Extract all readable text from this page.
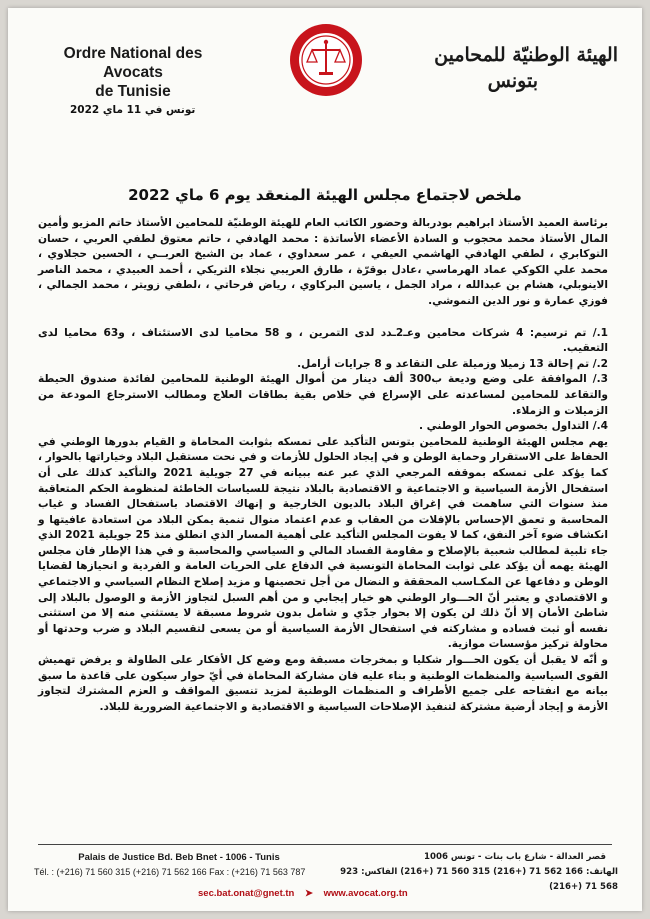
Ordre National des Avocats
de Tunisie
الهيئة الوطنيّة للمحامين
بتونس
تونس في 11 ماي 2022
ملخص لاجتماع مجلس الهيئة المنعقد يوم 6 ماي 2022

برئاسة العميد الأستاذ ابراهيم بودربالة وحضور الكاتب العام للهيئة الوطنيّة للمحامين الأستاذ حاتم المزيو وأمين المال الأستاذ محمد محجوب و السادة الأعضاء الأساتذة : محمد الهادفي ، حاتم معتوق لطفي العربي ، حسان التوكابري ، لطفي الهادفي الهاشمي العيفي ، عمر سعداوي ، عماد بن الشيخ العربــي ، الحسين حجلاوي ، محمد علي الكوكي عماد الهرماسي ،عادل بوقرّة ، طارق العريبي نجلاء التريكي ، أحمد العبيدي ، محمد الناصر الاينوبلي، هشام بن عبدالله ، مراد الجمل ، ياسين البركاوي ، رياض فرحاتي ، ،لطفي زويتر ، محمد الجمالي ، فوزي عمارة و نور الدين النموشي.

1./ تم ترسيم: 4 شركات محامين وعـ2ـدد لدى التمرين ، و 58 محاميا لدى الاستئناف ، و63 محاميا لدى التعقيب.

2./ تم إحالة 13 زميلا وزميلة على التقاعد و 8 جرايات أرامل.

3./ الموافقة على وضع وديعة ب300 ألف دينار من أموال الهيئة الوطنية للمحامين لفائدة صندوق الحيطة والتقاعد للمحامين لمساعدته على الإسراع في خلاص بقية بطاقات العلاج ومطالب الاسترجاع المودعة من الزميلات و الزملاء.

4./ التداول بخصوص الحوار الوطني .

يهم مجلس الهيئة الوطنية للمحامين بتونس التأكيد على تمسكه بثوابت المحاماة و القيام بدورها الوطني في الحفاظ على الاستقرار وحماية الوطن و في إيجاد الحلول للأزمات و في نحت مستقبل البلاد وخياراتها بالحوار ، كما يؤكد على تمسكه بموقفه المرجعي الذي عبر عنه ببيانه في 27 جويلية 2021 والتأكيد كذلك على أن استفحال الأزمة السياسية و الاجتماعية و الاقتصادية بالبلاد نتيجة للسياسات الخاطئة لمنظومة الحكم المتعاقبة منذ سنوات التي ساهمت في إغراق البلاد بالديون الخارجية و إنهاك الاقتصاد باستفحال الفساد و غياب المحاسبة و تعمق الإحساس بالإفلات من العقاب و عدم اعتماد منوال تنمية يمكن البلاد من استعادة عافيتها و انكشاف ضوء آخر النفق، كما لا يفوت المجلس التأكيد على أهمية المسار الذي انطلق منذ 25 جويلية 2021 الذي جاء تلبية لمطالب شعبية بالإصلاح و مقاومة الفساد المالي و السياسي والمحاسبة و في هذا الإطار فان مجلس الهيئة يهمه أن يؤكد على ثوابت المحاماة التونسية في الدفاع على الحريات العامة و الفردية و انحيازها لقضايا الوطن و دفاعها عن المكـاسب المحققة و النضال من أجل تحصينها و مزيد إصلاح النظام السياسي و الاجتماعي و الاقتصادي و يعتبر أنّ الحـــوار الوطني هو خيار إيجابي و من أهم السبل لتجاوز الأزمة و الوصول بالبلاد إلى شاطئ الأمان إلا أنّ ذلك لن يكون إلا بحوار جدّي و شامل بدون شروط مسبقة لا يستثني منه إلا من استثنى نفسه أو ثبت فساده و مشاركته في استفحال الأزمة السياسية أو من يسعى لتقسيم البلاد و ضرب وحدتها أو محاولة تركيز مؤسسات موازية.

و أنّه لا يقبل أن يكون الحـــوار شكليا و بمخرجات مسبقة ومع وضع كل الأفكار على الطاولة و يرفض تهميش القوى السياسية والمنظمات الوطنية و بناء عليه فان مشاركة المحاماة في أيّ حوار سيكون على قاعدة ما سبق بيانه مع انفتاحه على جميع الأطراف و المنظمات الوطنية لمزيد تنسيق المواقف و العزم المشترك لتجاوز الأزمة و إيجاد أرضية مشتركة لتنفيذ الإصلاحات السياسية و الاقتصادية و الاجتماعية الضرورية للبلاد.

Palais de Justice Bd. Beb Bnet - 1006 - Tunis
Tél. : (+216) 71 560 315 (+216) 71 562 166 Fax : (+216) 71 563 787
قصر العدالة - شارع باب بنات - تونس 1006
الهاتف: 166 562 71 (+216) 315 560 71 (+216) الفاكس: 923 568 71 (+216)
sec.bat.onat@gnet.tn ➤ www.avocat.org.tn
